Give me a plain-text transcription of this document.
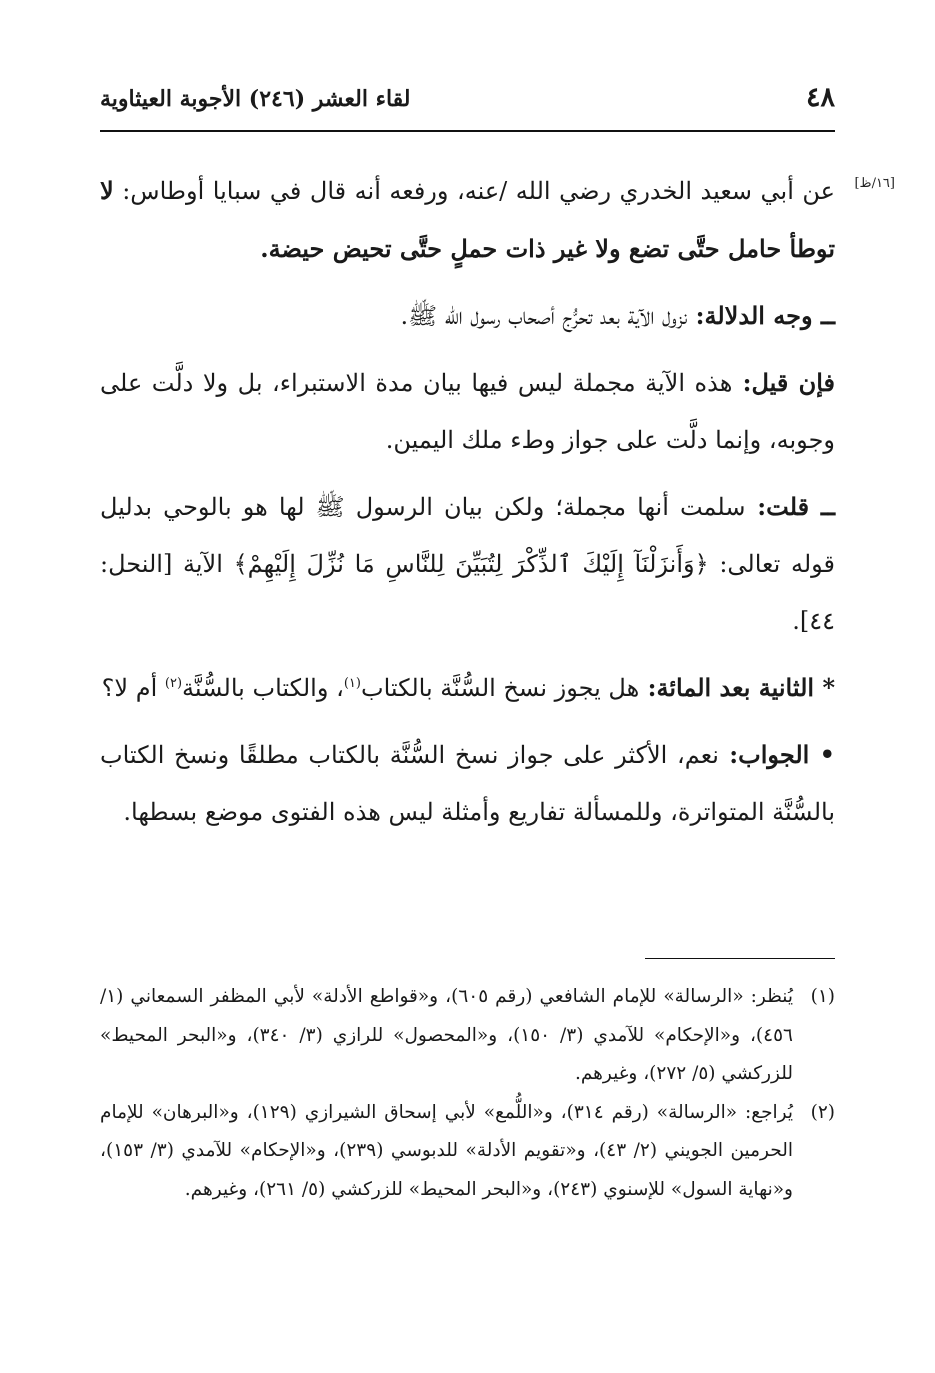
٤٨
لقاء العشر (٢٤٦) الأجوبة العيثاوية
[١٦/ظ]

عن أبي سعيد الخدري رضي الله /عنه، ورفعه أنه قال في سبايا أوطاس: لا توطأ حامل حتَّى تضع ولا غير ذات حملٍ حتَّى تحيض حيضة.

ــ وجه الدلالة: نزول الآية بعد تحرُّج أصحاب رسول الله ﷺ.

فإن قيل: هذه الآية مجملة ليس فيها بيان مدة الاستبراء، بل ولا دلَّت على وجوبه، وإنما دلَّت على جواز وطء ملك اليمين.

ــ قلت: سلمت أنها مجملة؛ ولكن بيان الرسول ﷺ لها هو بالوحي بدليل قوله تعالى: ﴿وَأَنزَلْنَآ إِلَيْكَ ٱلذِّكْرَ لِتُبَيِّنَ لِلنَّاسِ مَا نُزِّلَ إِلَيْهِمْ﴾ الآية [النحل: ٤٤].

* الثانية بعد المائة: هل يجوز نسخ السُّنَّة بالكتاب$^{(١)}$، والكتاب بالسُّنَّة$^{(٢)}$ أم لا؟

• الجواب: نعم، الأكثر على جواز نسخ السُّنَّة بالكتاب مطلقًا ونسخ الكتاب بالسُّنَّة المتواترة، وللمسألة تفاريع وأمثلة ليس هذه الفتوى موضع بسطها.

(١)
يُنظر: «الرسالة» للإمام الشافعي (رقم ٦٠٥)، و«قواطع الأدلة» لأبي المظفر السمعاني (١/ ٤٥٦)، و«الإحكام» للآمدي (٣/ ١٥٠)، و«المحصول» للرازي (٣/ ٣٤٠)، و«البحر المحيط» للزركشي (٥/ ٢٧٢)، وغيرهم.

(٢)
يُراجع: «الرسالة» (رقم ٣١٤)، و«اللُّمع» لأبي إسحاق الشيرازي (١٢٩)، و«البرهان» للإمام الحرمين الجويني (٢/ ٤٣)، و«تقويم الأدلة» للدبوسي (٢٣٩)، و«الإحكام» للآمدي (٣/ ١٥٣)، و«نهاية السول» للإسنوي (٢٤٣)، و«البحر المحيط» للزركشي (٥/ ٢٦١)، وغيرهم.
